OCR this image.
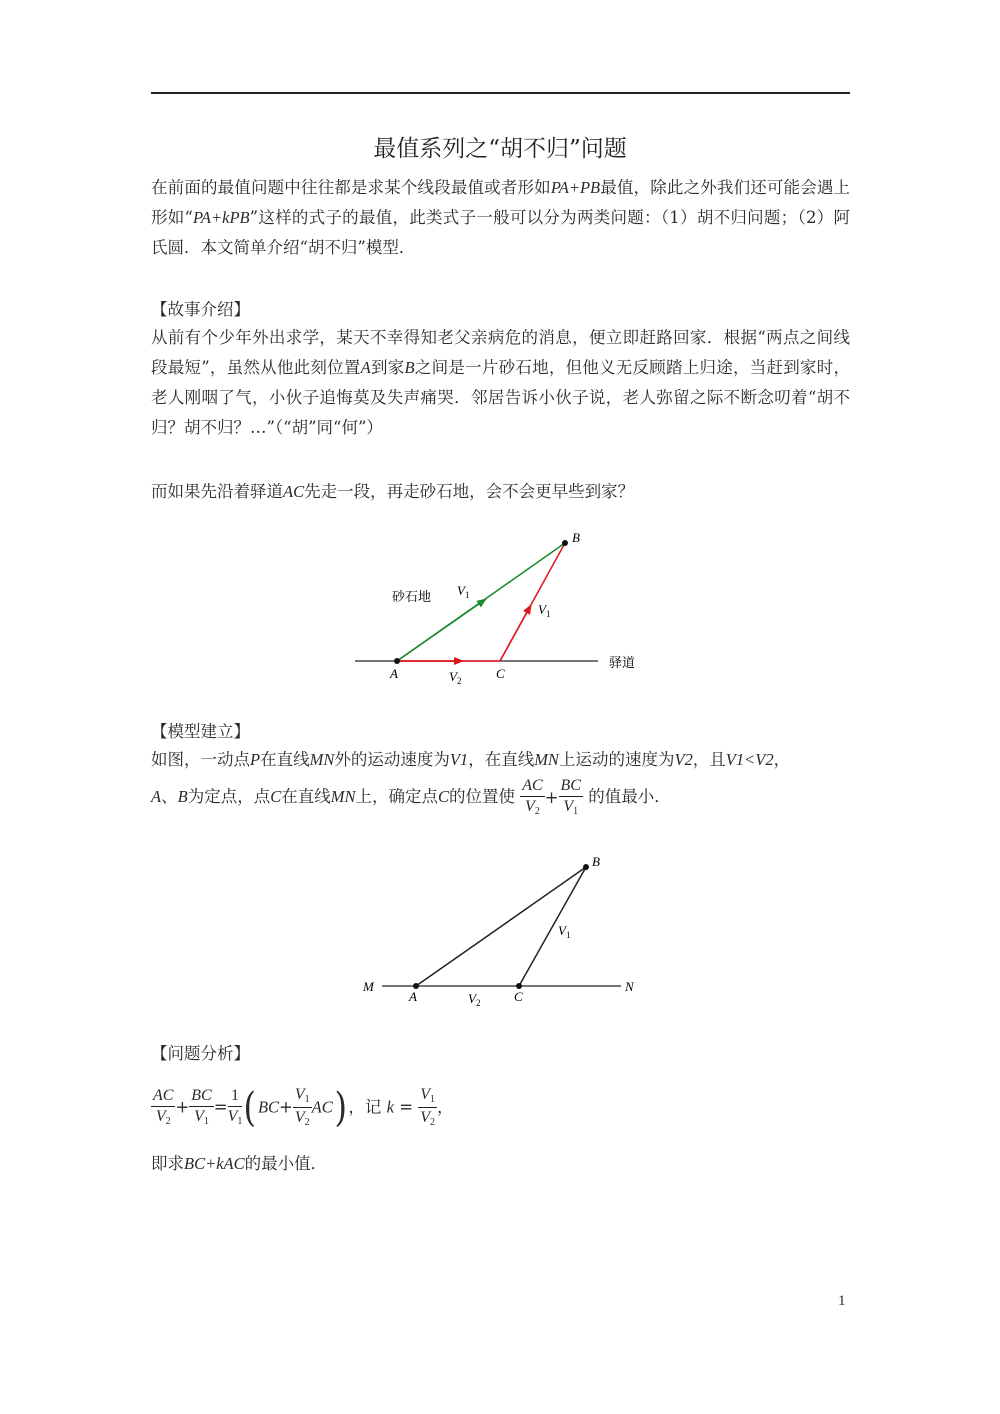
最值系列之“胡不归”问题
在前面的最值问题中往往都是求某个线段最值或者形如PA+PB最值，除此之外我们还可能会遇上形如“PA+kPB”这样的式子的最值，此类式子一般可以分为两类问题：（1）胡不归问题；（2）阿氏圆．本文简单介绍“胡不归”模型．
【故事介绍】
从前有个少年外出求学，某天不幸得知老父亲病危的消息，便立即赶路回家．根据“两点之间线段最短”，虽然从他此刻位置A到家B之间是一片砂石地，但他义无反顾踏上归途，当赶到家时，老人刚咽了气，小伙子追悔莫及失声痛哭．邻居告诉小伙子说，老人弥留之际不断念叨着“胡不归？胡不归？…”（“胡”同“何”）
而如果先沿着驿道AC先走一段，再走砂石地，会不会更早些到家？
B
A	C
砂石地
驿道
$V_1$
$V_1$
$V_2$
【模型建立】
如图，一动点P在直线MN外的运动速度为V1，在直线MN上运动的速度为V2，且V1<V2，
A、B为定点，点C在直线MN上，确定点C的位置使 $\frac{AC}{V_2} + \frac{BC}{V_1}$ 的值最小．
M	N
A	C
B
$V_1$
$V_2$
【问题分析】
$\frac{AC}{V_2} + \frac{BC}{V_1} = \frac{1}{V_1} (BC+ \frac{V_1}{V_2} AC)$，记 $k = \frac{V_1}{V_2}$ ，
即求BC+kAC的最小值．
1
